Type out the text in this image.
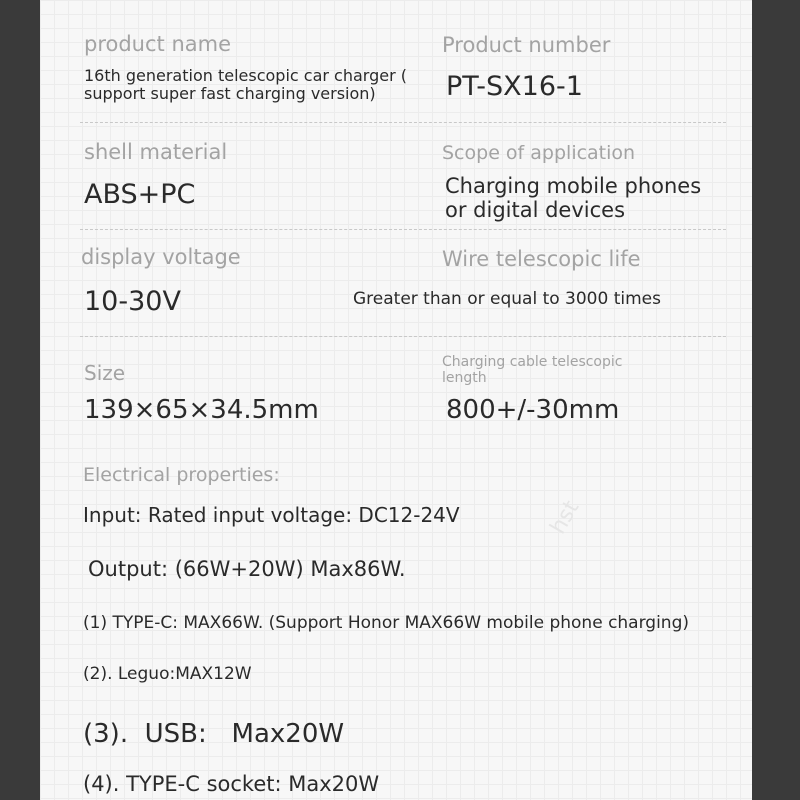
product name
16th generation telescopic car charger (
support super fast charging version)
Product number
PT-SX16-1
shell material
ABS+PC
Scope of application
Charging mobile phones
or digital devices
display voltage
10-30V
Wire telescopic life
Greater than or equal to 3000 times
Size
139×65×34.5mm
Charging cable telescopic
length
800+/-30mm
Electrical properties:
Input: Rated input voltage: DC12-24V
Output: (66W+20W) Max86W.
(1) TYPE-C: MAX66W. (Support Honor MAX66W mobile phone charging)
(2). Leguo:MAX12W
(3).  USB:   Max20W
(4). TYPE-C socket: Max20W
hst
